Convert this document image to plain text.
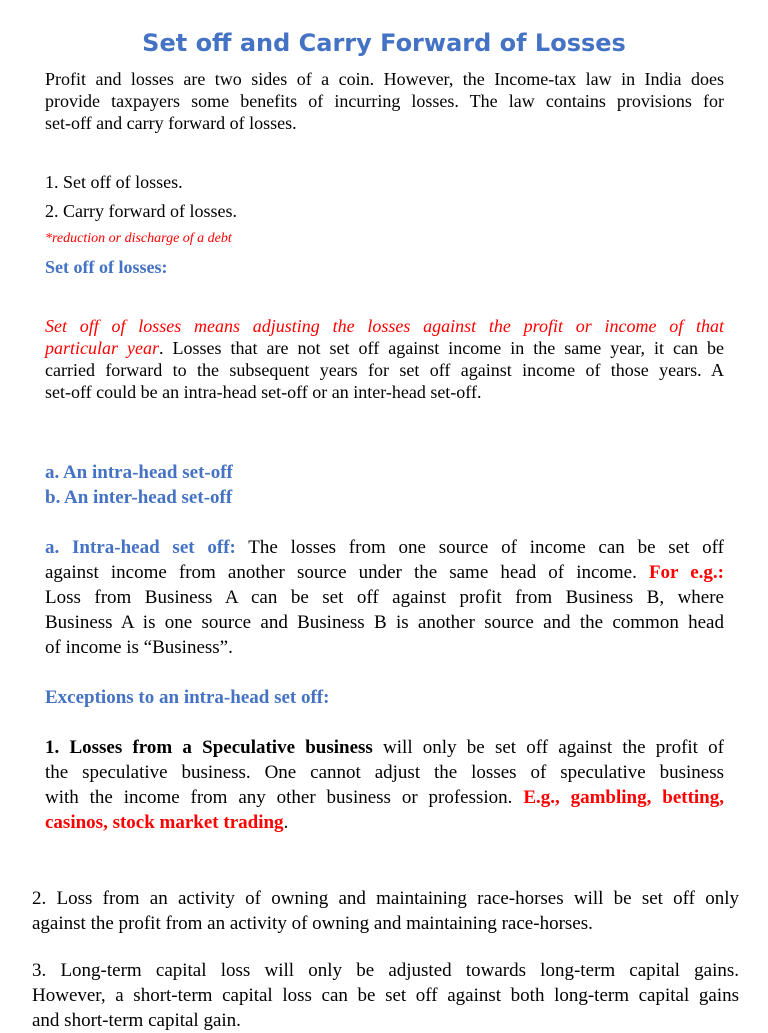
Set off and Carry Forward of Losses
Profit and losses are two sides of a coin. However, the Income-tax law in India does
provide taxpayers some benefits of incurring losses. The law contains provisions for
set-off and carry forward of losses.
1. Set off of losses.
2. Carry forward of losses.
*reduction or discharge of a debt
Set off of losses:
Set off of losses means adjusting the losses against the profit or income of that
particular year. Losses that are not set off against income in the same year, it can be
carried forward to the subsequent years for set off against income of those years. A
set-off could be an intra-head set-off or an inter-head set-off.
a. An intra-head set-off
b. An inter-head set-off
a. Intra-head set off: The losses from one source of income can be set off
against income from another source under the same head of income. For e.g.:
Loss from Business A can be set off against profit from Business B, where
Business A is one source and Business B is another source and the common head
of income is “Business”.
Exceptions to an intra-head set off:
1. Losses from a Speculative business will only be set off against the profit of
the speculative business. One cannot adjust the losses of speculative business
with the income from any other business or profession. E.g., gambling, betting,
casinos, stock market trading.
2. Loss from an activity of owning and maintaining race-horses will be set off only
against the profit from an activity of owning and maintaining race-horses.
3. Long-term capital loss will only be adjusted towards long-term capital gains.
However, a short-term capital loss can be set off against both long-term capital gains
and short-term capital gain.
